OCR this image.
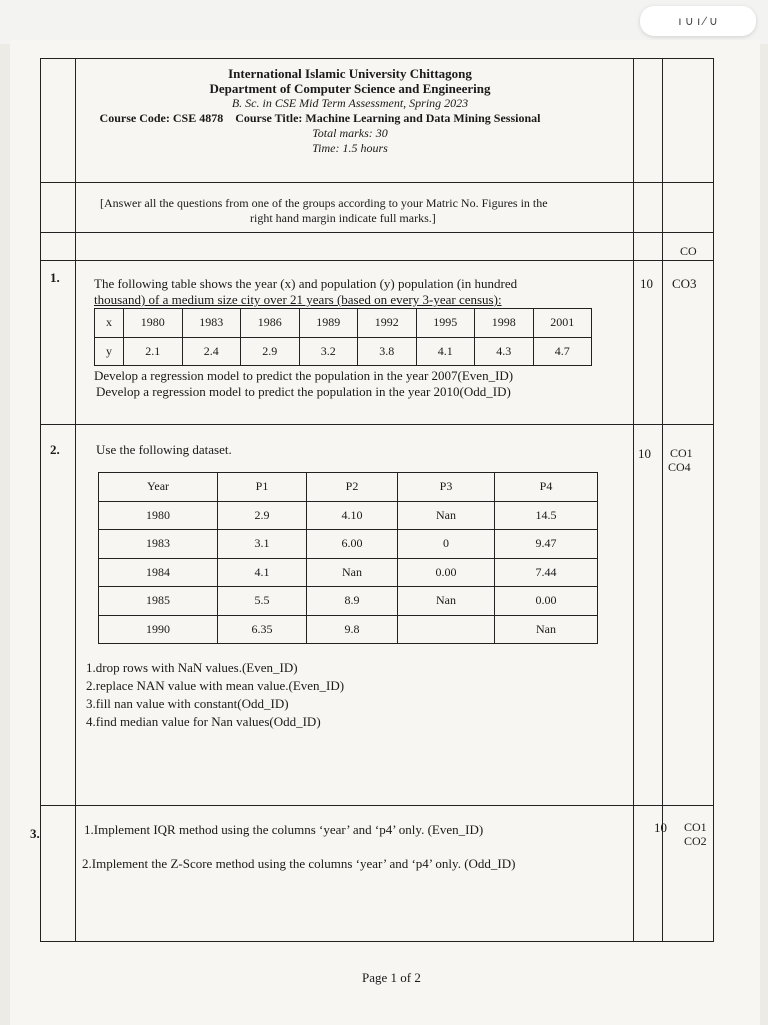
ı ∪ ı ∕ ∪
International Islamic University Chittagong
Department of Computer Science and Engineering
B. Sc. in CSE Mid Term Assessment, Spring 2023
Course Code: CSE 4878 Course Title: Machine Learning and Data Mining Sessional
Total marks: 30
Time: 1.5 hours
[Answer all the questions from one of the groups according to your Matric No. Figures in the
right hand margin indicate full marks.]
CO
1.	The following table shows the year (x) and population (y) population (in hundred
thousand) of a medium size city over 21 years (based on every 3-year census):
10 CO3
x	1980	1983	1986	1989	1992	1995	1998	2001
y	2.1	2.4	2.9	3.2	3.8	4.1	4.3	4.7
Develop a regression model to predict the population in the year 2007(Even_ID)
Develop a regression model to predict the population in the year 2010(Odd_ID)
2.	Use the following dataset.	10 CO1
CO4
Year	P1	P2	P3	P4
1980	2.9	4.10	Nan	14.5
1983	3.1	6.00	0	9.47
1984	4.1	Nan	0.00	7.44
1985	5.5	8.9	Nan	0.00
1990	6.35	9.8		Nan
1.drop rows with NaN values.(Even_ID)
2.replace NAN value with mean value.(Even_ID)
3.fill nan value with constant(Odd_ID)
4.find median value for Nan values(Odd_ID)
3.	1.Implement IQR method using the columns ‘year’ and ‘p4’ only. (Even_ID)
2.Implement the Z-Score method using the columns ‘year’ and ‘p4’ only. (Odd_ID)
10 CO1
CO2
Page 1 of 2
